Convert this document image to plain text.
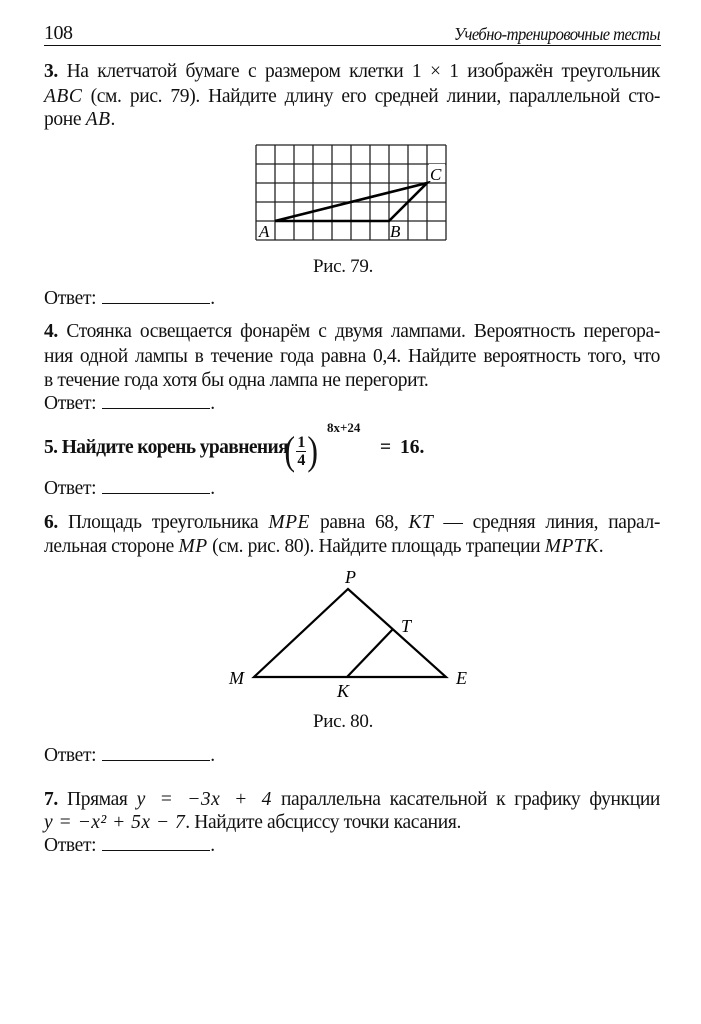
108	Учебно-тренировочные тесты
3. На клетчатой бумаге с размером клетки 1 × 1 изображён треугольник
ABC (см. рис. 79). Найдите длину его средней линии, параллельной сто-
роне AB.
A	B
C
Рис. 79.
Ответ:	.
4. Стоянка освещается фонарём с двумя лампами. Вероятность перегора-
ния одной лампы в течение года равна 0,4. Найдите вероятность того, что
в течение года хотя бы одна лампа не перегорит.
Ответ:	.
5. Найдите корень уравнения
( $\frac{1}{4}$ )
8x+24
= 16.
Ответ:	.
6. Площадь треугольника MPE равна 68, KT — средняя линия, парал-
лельная стороне MP (см. рис. 80). Найдите площадь трапеции MPTK.
P
T
M	E
K
Рис. 80.
Ответ:	.
7. Прямая y = −3x + 4 параллельна касательной к графику функции
y = −x² + 5x − 7. Найдите абсциссу точки касания.
Ответ:	.
